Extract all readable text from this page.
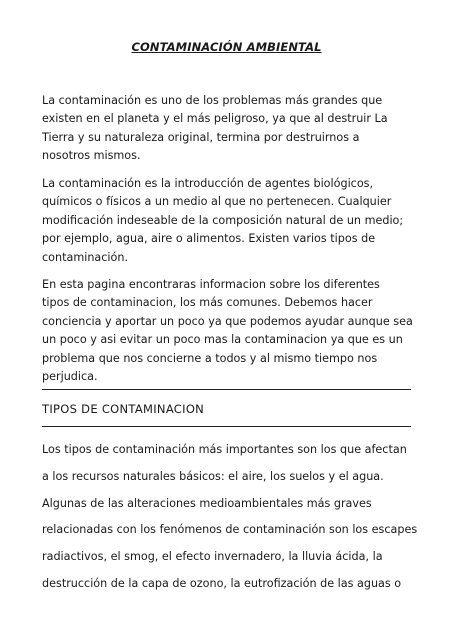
CONTAMINACIÓN AMBIENTAL
La contaminación es uno de los problemas más grandes que
existen en el planeta y el más peligroso, ya que al destruir La
Tierra y su naturaleza original, termina por destruirnos a
nosotros mismos.
La contaminación es la introducción de agentes biológicos,
químicos o físicos a un medio al que no pertenecen. Cualquier
modificación indeseable de la composición natural de un medio;
por ejemplo, agua, aire o alimentos. Existen varios tipos de
contaminación.
En esta pagina encontraras informacion sobre los diferentes
tipos de contaminacion, los más comunes. Debemos hacer
conciencia y aportar un poco ya que podemos ayudar aunque sea
un poco y asi evitar un poco mas la contaminacion ya que es un
problema que nos concierne a todos y al mismo tiempo nos
perjudica.
TIPOS DE CONTAMINACION
Los tipos de contaminación más importantes son los que afectan
a los recursos naturales básicos: el aire, los suelos y el agua.
Algunas de las alteraciones medioambientales más graves
relacionadas con los fenómenos de contaminación son los escapes
radiactivos, el smog, el efecto invernadero, la lluvia ácida, la
destrucción de la capa de ozono, la eutrofización de las aguas o
